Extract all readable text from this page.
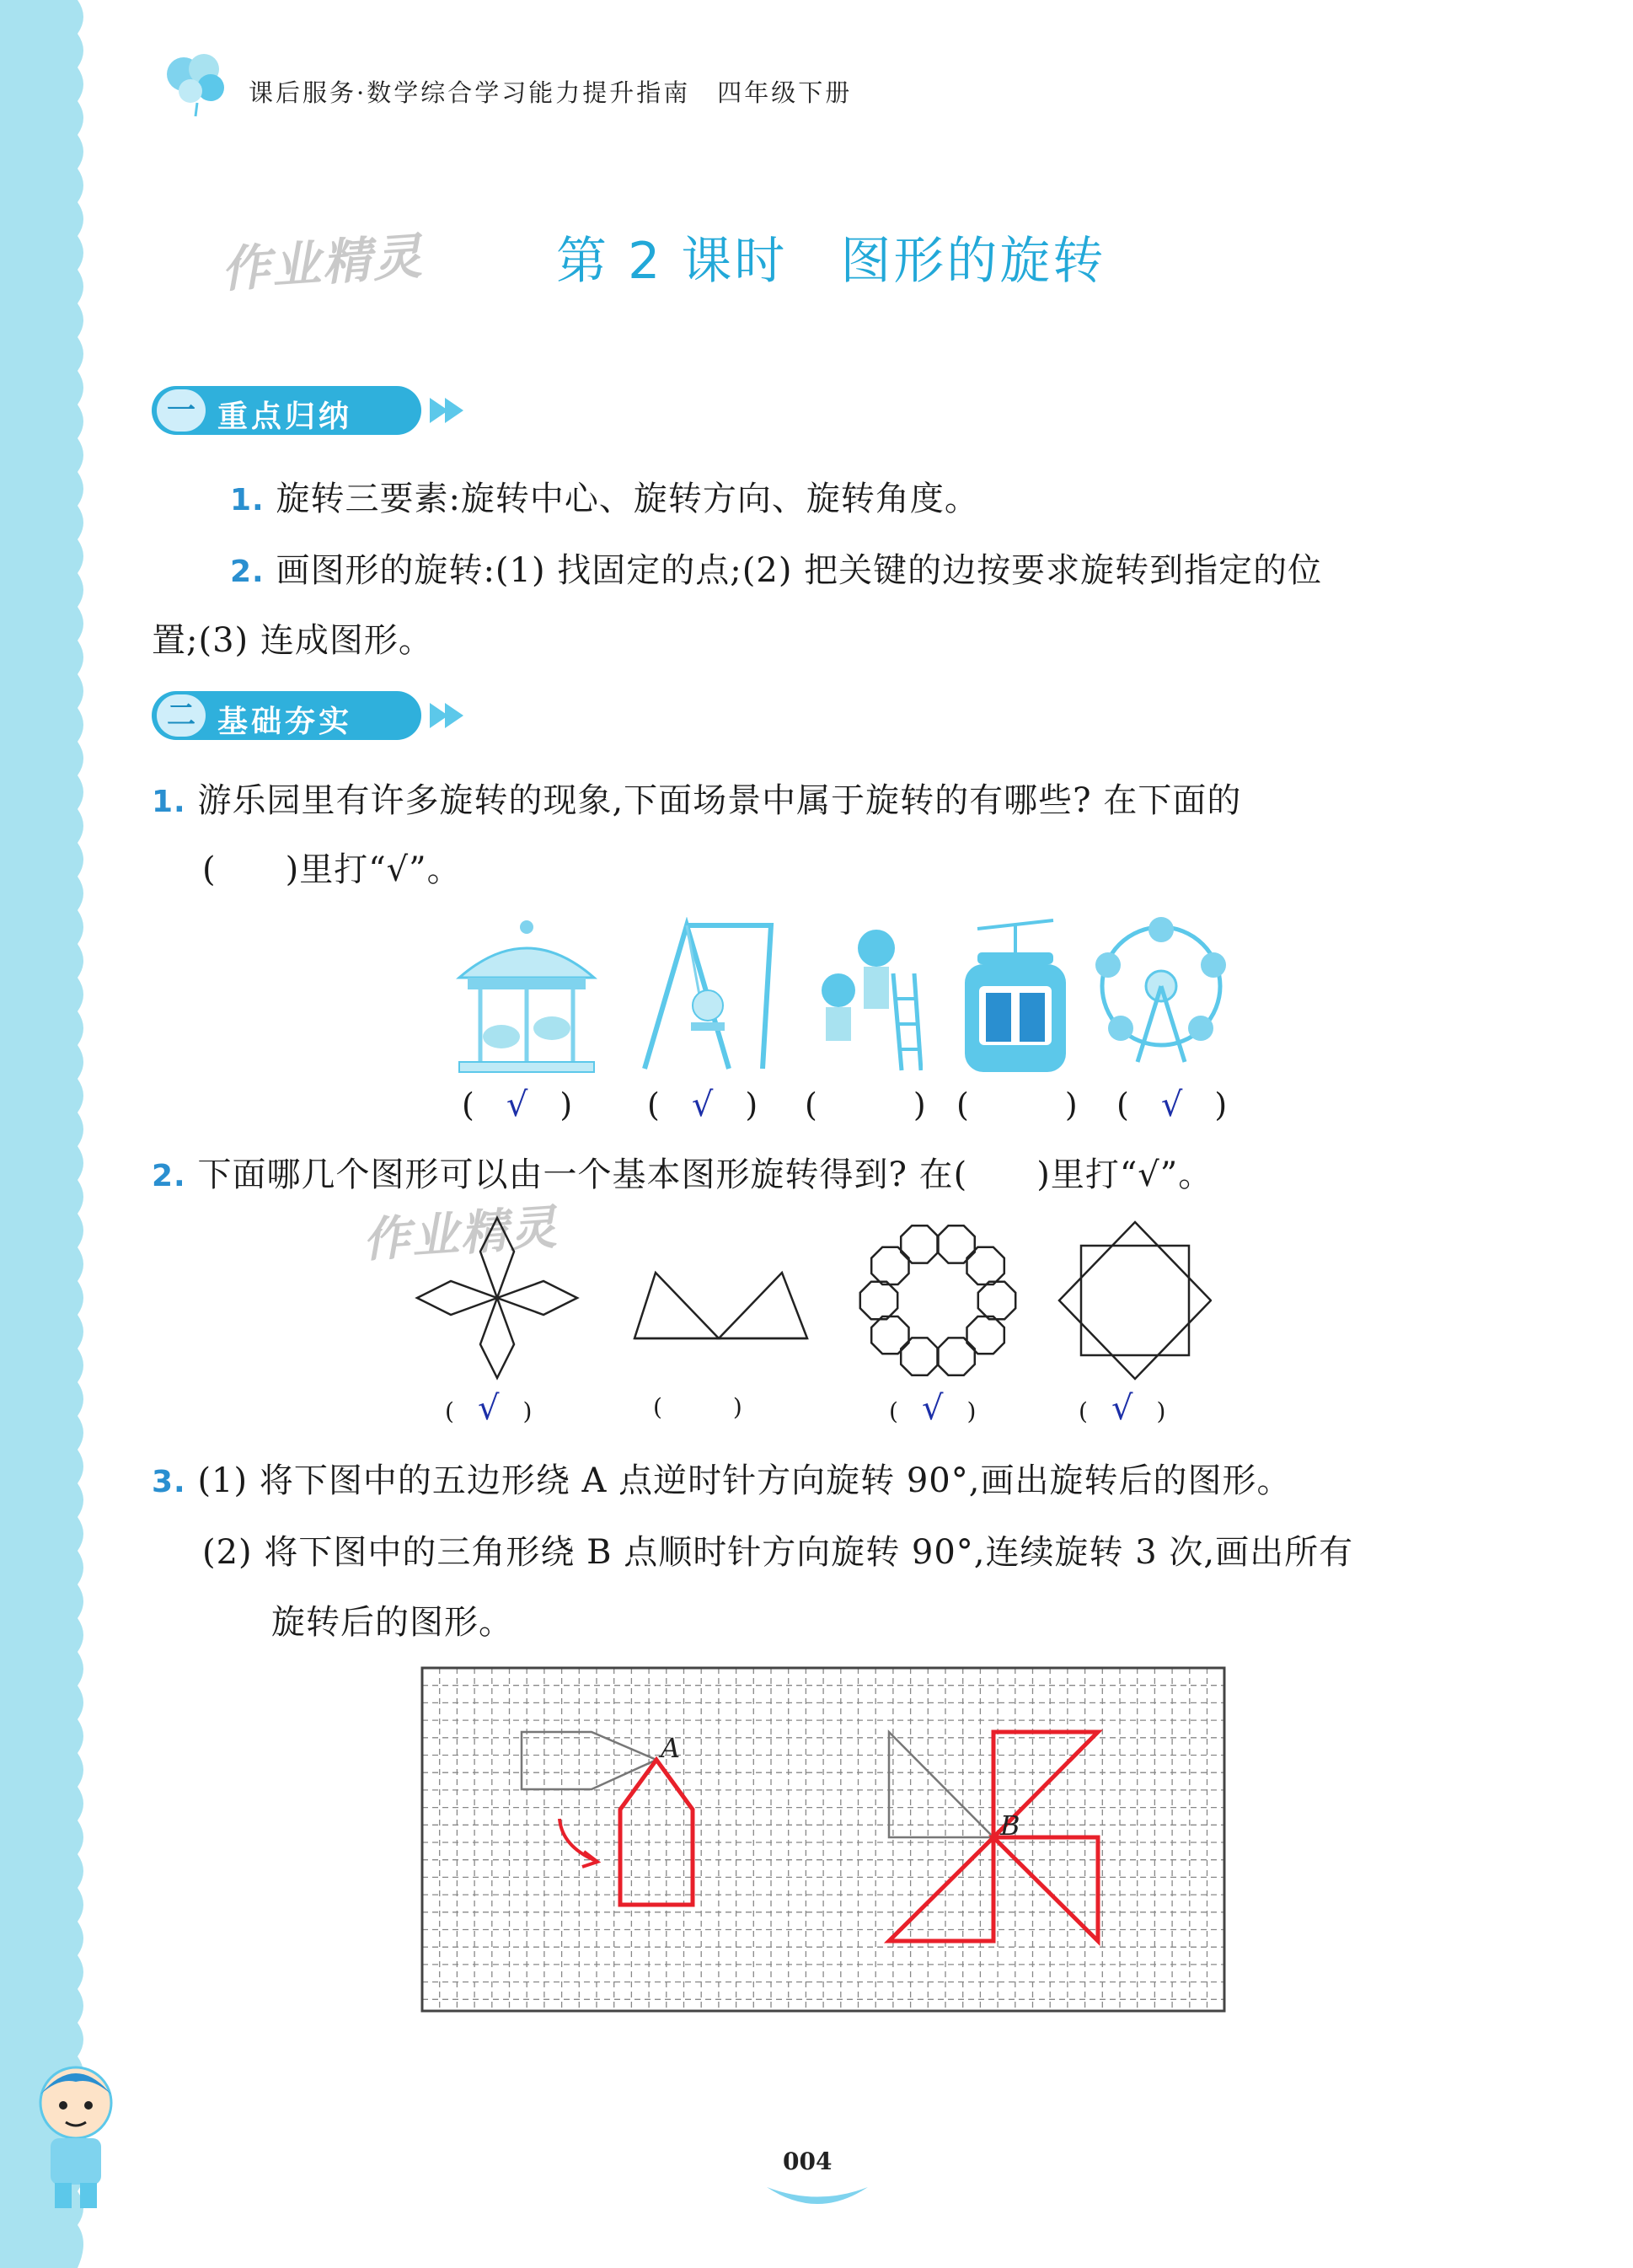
课后服务·数学综合学习能力提升指南　四年级下册
作业精灵	第 2 课时　图形的旋转
一 重点归纳
1. 旋转三要素:旋转中心、旋转方向、旋转角度。
2. 画图形的旋转:(1) 找固定的点;(2) 把关键的边按要求旋转到指定的位
置;(3) 连成图形。
二 基础夯实
1. 游乐园里有许多旋转的现象,下面场景中属于旋转的有哪些? 在下面的
(　　)里打“√”。
(　√　) (　√　) (　　　) (　　　) (　√　)
2. 下面哪几个图形可以由一个基本图形旋转得到? 在(　　)里打“√”。
作业精灵
(　√　)	(　　　)	(　√　)	(　√　)
3. (1) 将下图中的五边形绕 A 点逆时针方向旋转 90°,画出旋转后的图形。
(2) 将下图中的三角形绕 B 点顺时针方向旋转 90°,连续旋转 3 次,画出所有
旋转后的图形。
A
B
004
